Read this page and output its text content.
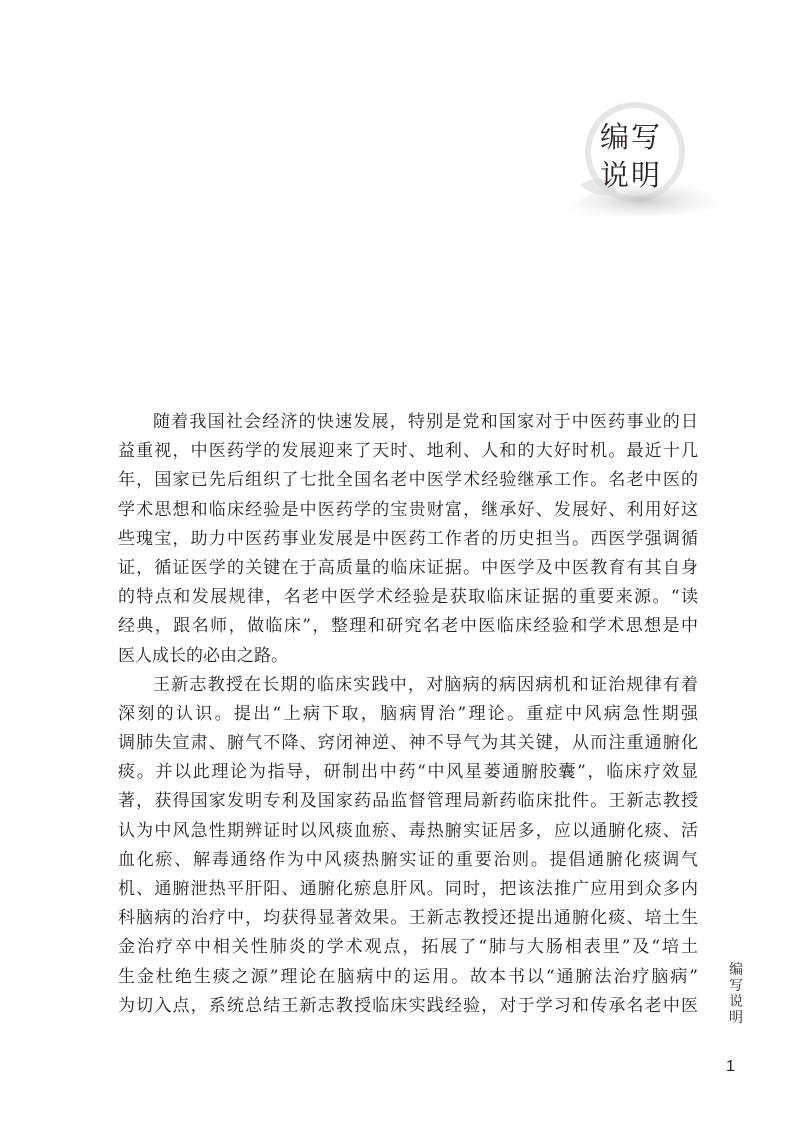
编写
说明
随着我国社会经济的快速发展，特别是党和国家对于中医药事业的日
益重视，中医药学的发展迎来了天时、地利、人和的大好时机。最近十几
年，国家已先后组织了七批全国名老中医学术经验继承工作。名老中医的
学术思想和临床经验是中医药学的宝贵财富，继承好、发展好、利用好这
些瑰宝，助力中医药事业发展是中医药工作者的历史担当。西医学强调循
证，循证医学的关键在于高质量的临床证据。中医学及中医教育有其自身
的特点和发展规律，名老中医学术经验是获取临床证据的重要来源。“读
经典，跟名师，做临床”，整理和研究名老中医临床经验和学术思想是中
医人成长的必由之路。
王新志教授在长期的临床实践中，对脑病的病因病机和证治规律有着
深刻的认识。提出“上病下取，脑病胃治”理论。重症中风病急性期强
调肺失宣肃、腑气不降、窍闭神逆、神不导气为其关键，从而注重通腑化
痰。并以此理论为指导，研制出中药“中风星蒌通腑胶囊”，临床疗效显
著，获得国家发明专利及国家药品监督管理局新药临床批件。王新志教授
认为中风急性期辨证时以风痰血瘀、毒热腑实证居多，应以通腑化痰、活
血化瘀、解毒通络作为中风痰热腑实证的重要治则。提倡通腑化痰调气
机、通腑泄热平肝阳、通腑化瘀息肝风。同时，把该法推广应用到众多内
科脑病的治疗中，均获得显著效果。王新志教授还提出通腑化痰、培土生
金治疗卒中相关性肺炎的学术观点，拓展了“肺与大肠相表里”及“培土
生金杜绝生痰之源”理论在脑病中的运用。故本书以“通腑法治疗脑病”
为切入点，系统总结王新志教授临床实践经验，对于学习和传承名老中医
编写说明
1
